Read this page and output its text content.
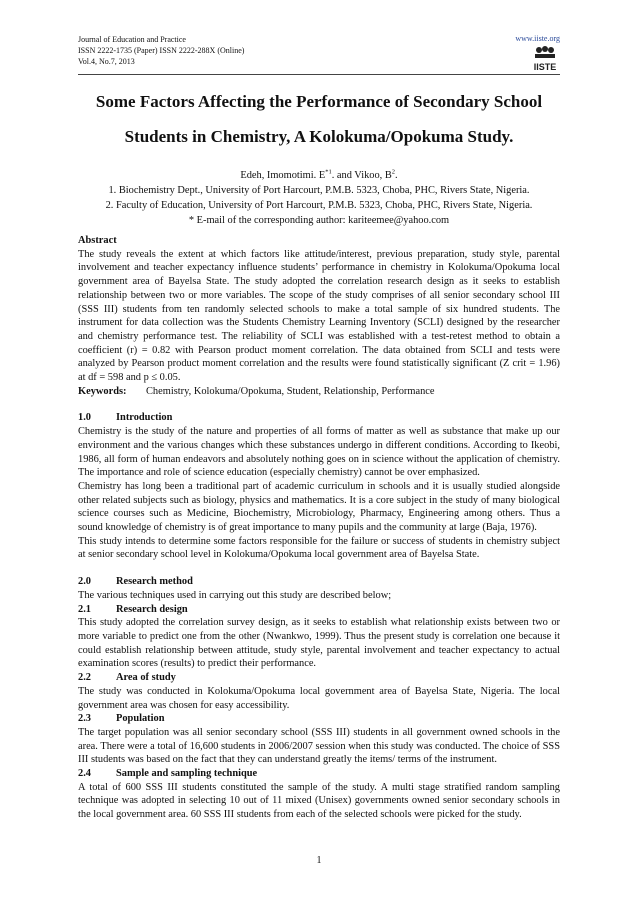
Journal of Education and Practice
ISSN 2222-1735 (Paper) ISSN 2222-288X (Online)
Vol.4, No.7, 2013
www.iiste.org
IISTE
Some Factors Affecting the Performance of Secondary School
Students in Chemistry, A Kolokuma/Opokuma Study.
Edeh, Imomotimi. $E^{*1}$. and Vikoo, $B^2$.
1. Biochemistry Dept., University of Port Harcourt, P.M.B. 5323, Choba, PHC, Rivers State, Nigeria.
2. Faculty of Education, University of Port Harcourt, P.M.B. 5323, Choba, PHC, Rivers State, Nigeria.
* E-mail of the corresponding author: kariteemee@yahoo.com

Abstract

The study reveals the extent at which factors like attitude/interest, previous preparation, study style, parental involvement and teacher expectancy influence students’ performance in chemistry in Kolokuma/Opokuma local government area of Bayelsa State. The study adopted the correlation research design as it seeks to establish relationship between two or more variables. The scope of the study comprises of all senior secondary school III (SSS III) students from ten randomly selected schools to make a total sample of six hundred students. The instrument for data collection was the Students Chemistry Learning Inventory (SCLI) designed by the researcher and chemistry performance test. The reliability of SCLI was established with a test-retest method to obtain a coefficient (r) = 0.82 with Pearson product moment correlation. The data obtained from SCLI and tests were analyzed by Pearson product moment correlation and the results were found statistically significant (Z crit = 1.96) at df = 598 and p ≤ 0.05.

Keywords: Chemistry, Kolokuma/Opokuma, Student, Relationship, Performance

1.0 Introduction

Chemistry is the study of the nature and properties of all forms of matter as well as substance that make up our environment and the various changes which these substances undergo in different conditions. According to Ikeobi, 1986, all form of human endeavors and absolutely nothing goes on in science without the application of chemistry. The importance and role of science education (especially chemistry) cannot be over emphasized.

Chemistry has long been a traditional part of academic curriculum in schools and it is usually studied alongside other related subjects such as biology, physics and mathematics. It is a core subject in the study of many biological science courses such as Medicine, Biochemistry, Microbiology, Pharmacy, Engineering among others. Thus a sound knowledge of chemistry is of great importance to many pupils and the community at large (Baja, 1976).

This study intends to determine some factors responsible for the failure or success of students in chemistry subject at senior secondary school level in Kolokuma/Opokuma local government area of Bayelsa State.

2.0 Research method

The various techniques used in carrying out this study are described below;

2.1 Research design

This study adopted the correlation survey design, as it seeks to establish what relationship exists between two or more variable to predict one from the other (Nwankwo, 1999). Thus the present study is correlation one because it could establish relationship between attitude, study style, parental involvement and teacher expectancy to actual examination scores (results) to predict their performance.

2.2 Area of study

The study was conducted in Kolokuma/Opokuma local government area of Bayelsa State, Nigeria. The local government area was chosen for easy accessibility.

2.3 Population

The target population was all senior secondary school (SSS III) students in all government owned schools in the area. There were a total of 16,600 students in 2006/2007 session when this study was conducted. The choice of SSS III students was based on the fact that they can understand greatly the items/ terms of the instrument.

2.4 Sample and sampling technique

A total of 600 SSS III students constituted the sample of the study. A multi stage stratified random sampling technique was adopted in selecting 10 out of 11 mixed (Unisex) governments owned senior secondary schools in the local government area. 60 SSS III students from each of the selected schools were picked for the study.

1
